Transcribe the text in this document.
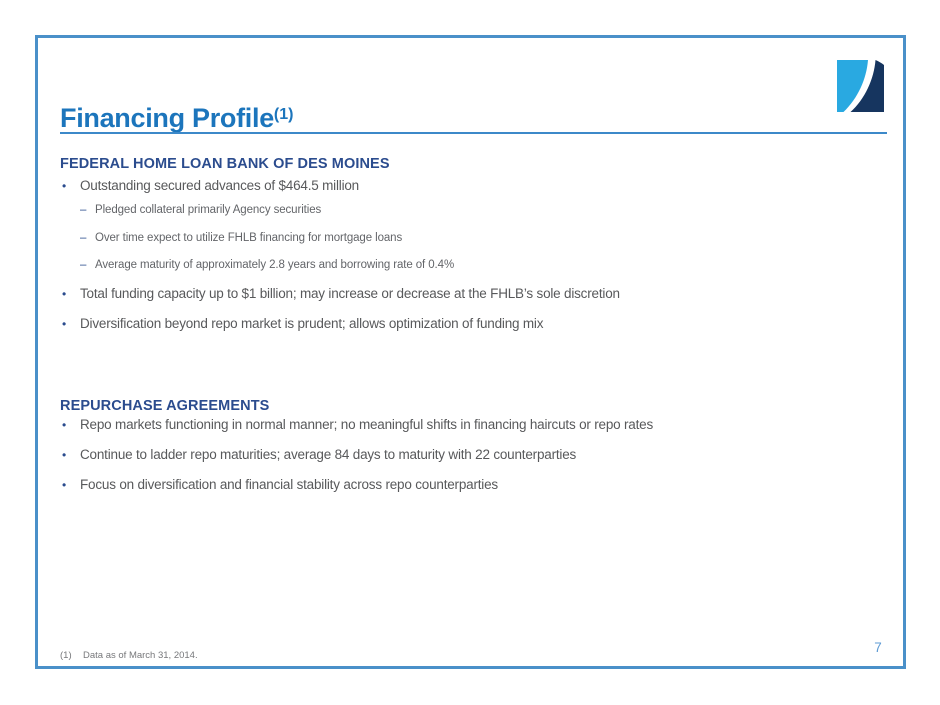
Financing Profile$^{(1)}$
FEDERAL HOME LOAN BANK OF DES MOINES
•	Outstanding secured advances of $464.5 million
– Pledged collateral primarily Agency securities
– Over time expect to utilize FHLB financing for mortgage loans
– Average maturity of approximately 2.8 years and borrowing rate of 0.4%
•	Total funding capacity up to $1 billion; may increase or decrease at the FHLB’s sole discretion
•	Diversification beyond repo market is prudent; allows optimization of funding mix
REPURCHASE AGREEMENTS
•	Repo markets functioning in normal manner; no meaningful shifts in financing haircuts or repo rates
•	Continue to ladder repo maturities; average 84 days to maturity with 22 counterparties
•	Focus on diversification and financial stability across repo counterparties
(1)	Data as of March 31, 2014.
7
